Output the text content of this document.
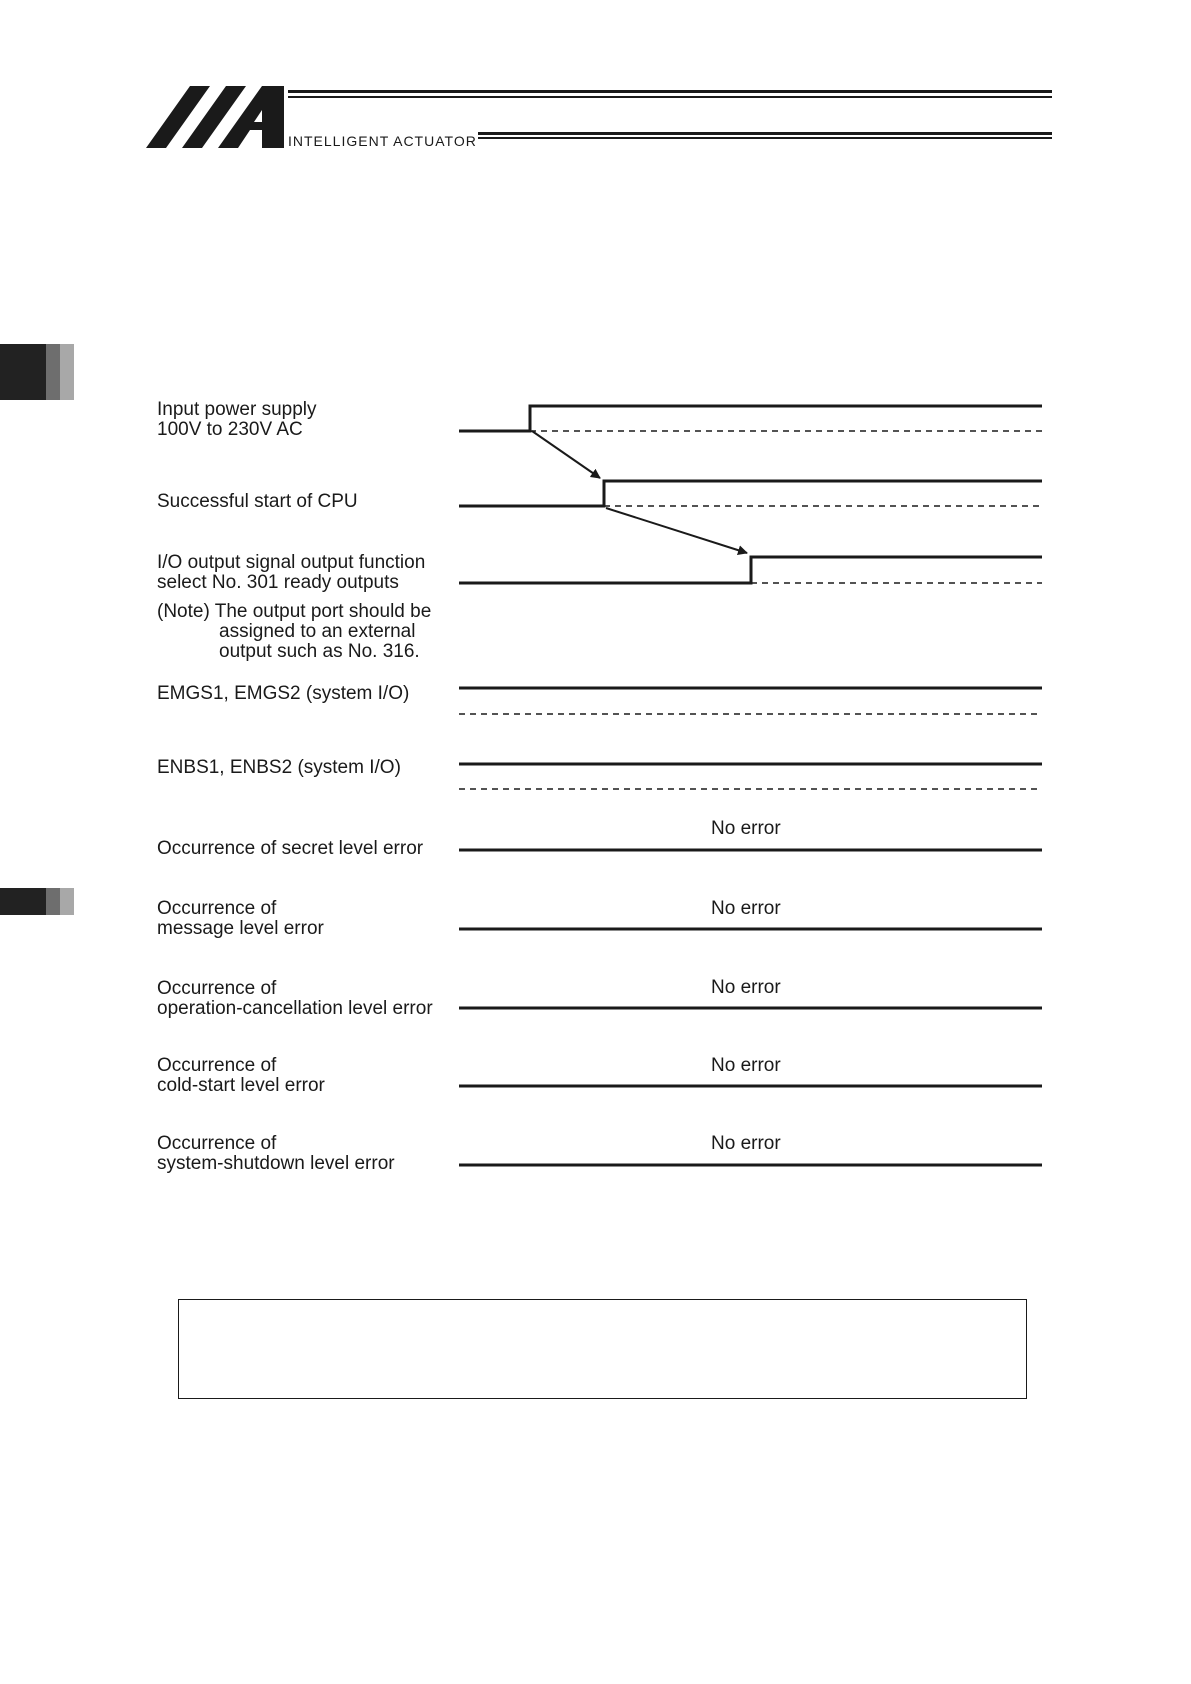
INTELLIGENT ACTUATOR
Input power supply
100V to 230V AC
Successful start of CPU
I/O output signal output function
select No. 301 ready outputs
(Note) The output port should be
assigned to an external
output such as No. 316.
EMGS1, EMGS2 (system I/O)
ENBS1, ENBS2 (system I/O)
Occurrence of secret level error
Occurrence of
message level error
Occurrence of
operation-cancellation level error
Occurrence of
cold-start level error
Occurrence of
system-shutdown level error
No error
No error
No error
No error
No error
